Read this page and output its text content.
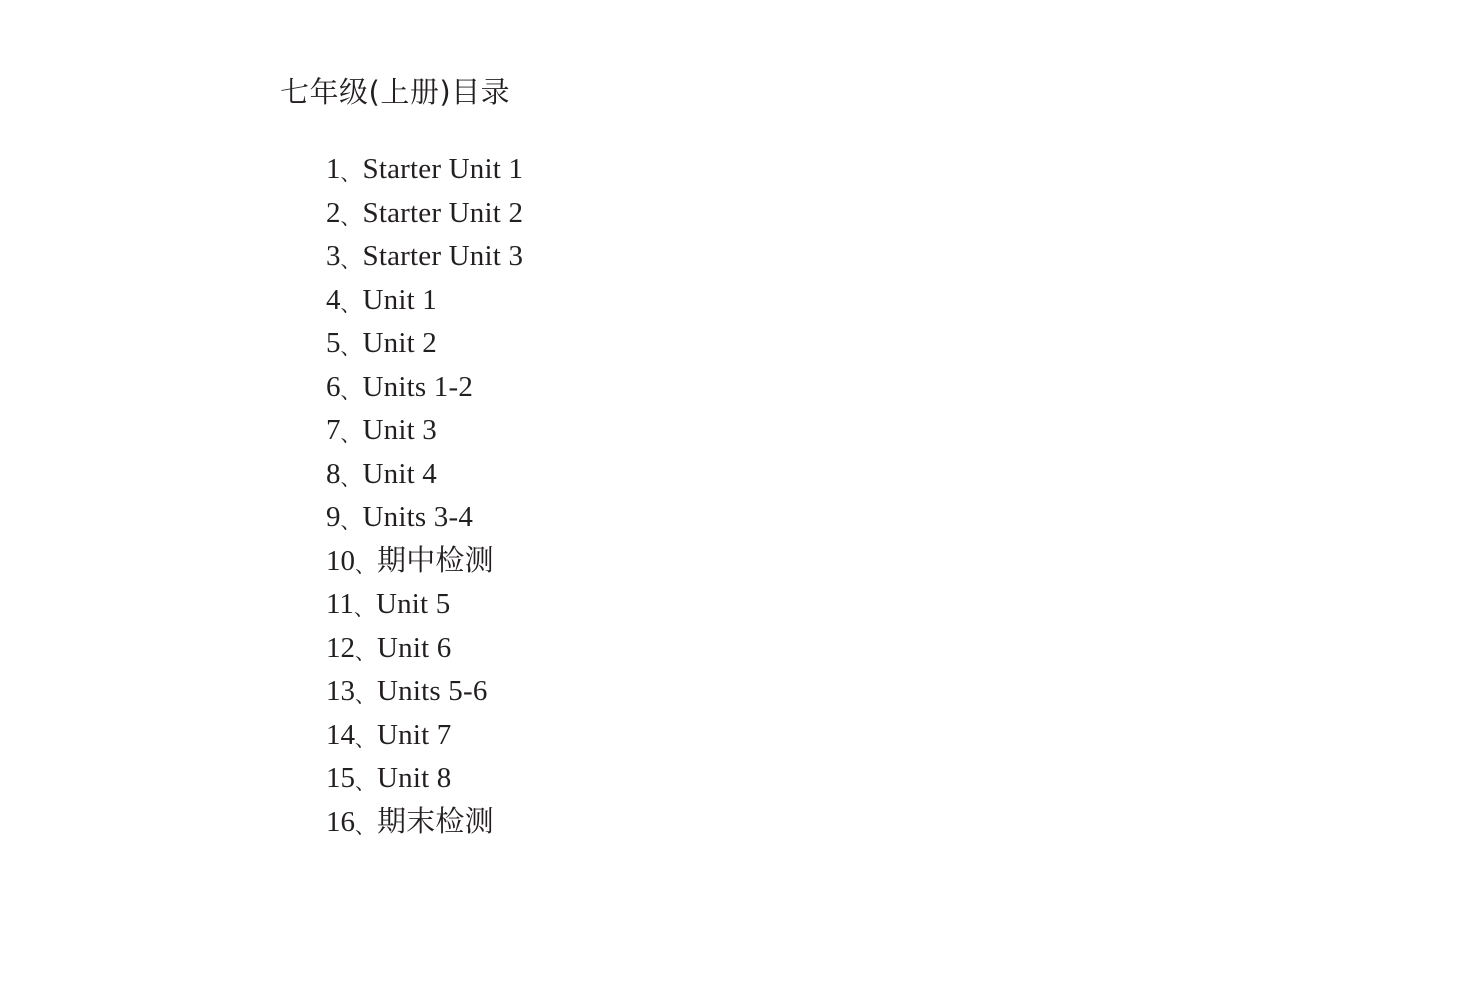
七年级(上册)目录
1、Starter Unit 1
2、Starter Unit 2
3、Starter Unit 3
4、Unit 1
5、Unit 2
6、Units 1-2
7、Unit 3
8、Unit 4
9、Units 3-4
10、期中检测
11、Unit 5
12、Unit 6
13、Units 5-6
14、Unit 7
15、Unit 8
16、期末检测
